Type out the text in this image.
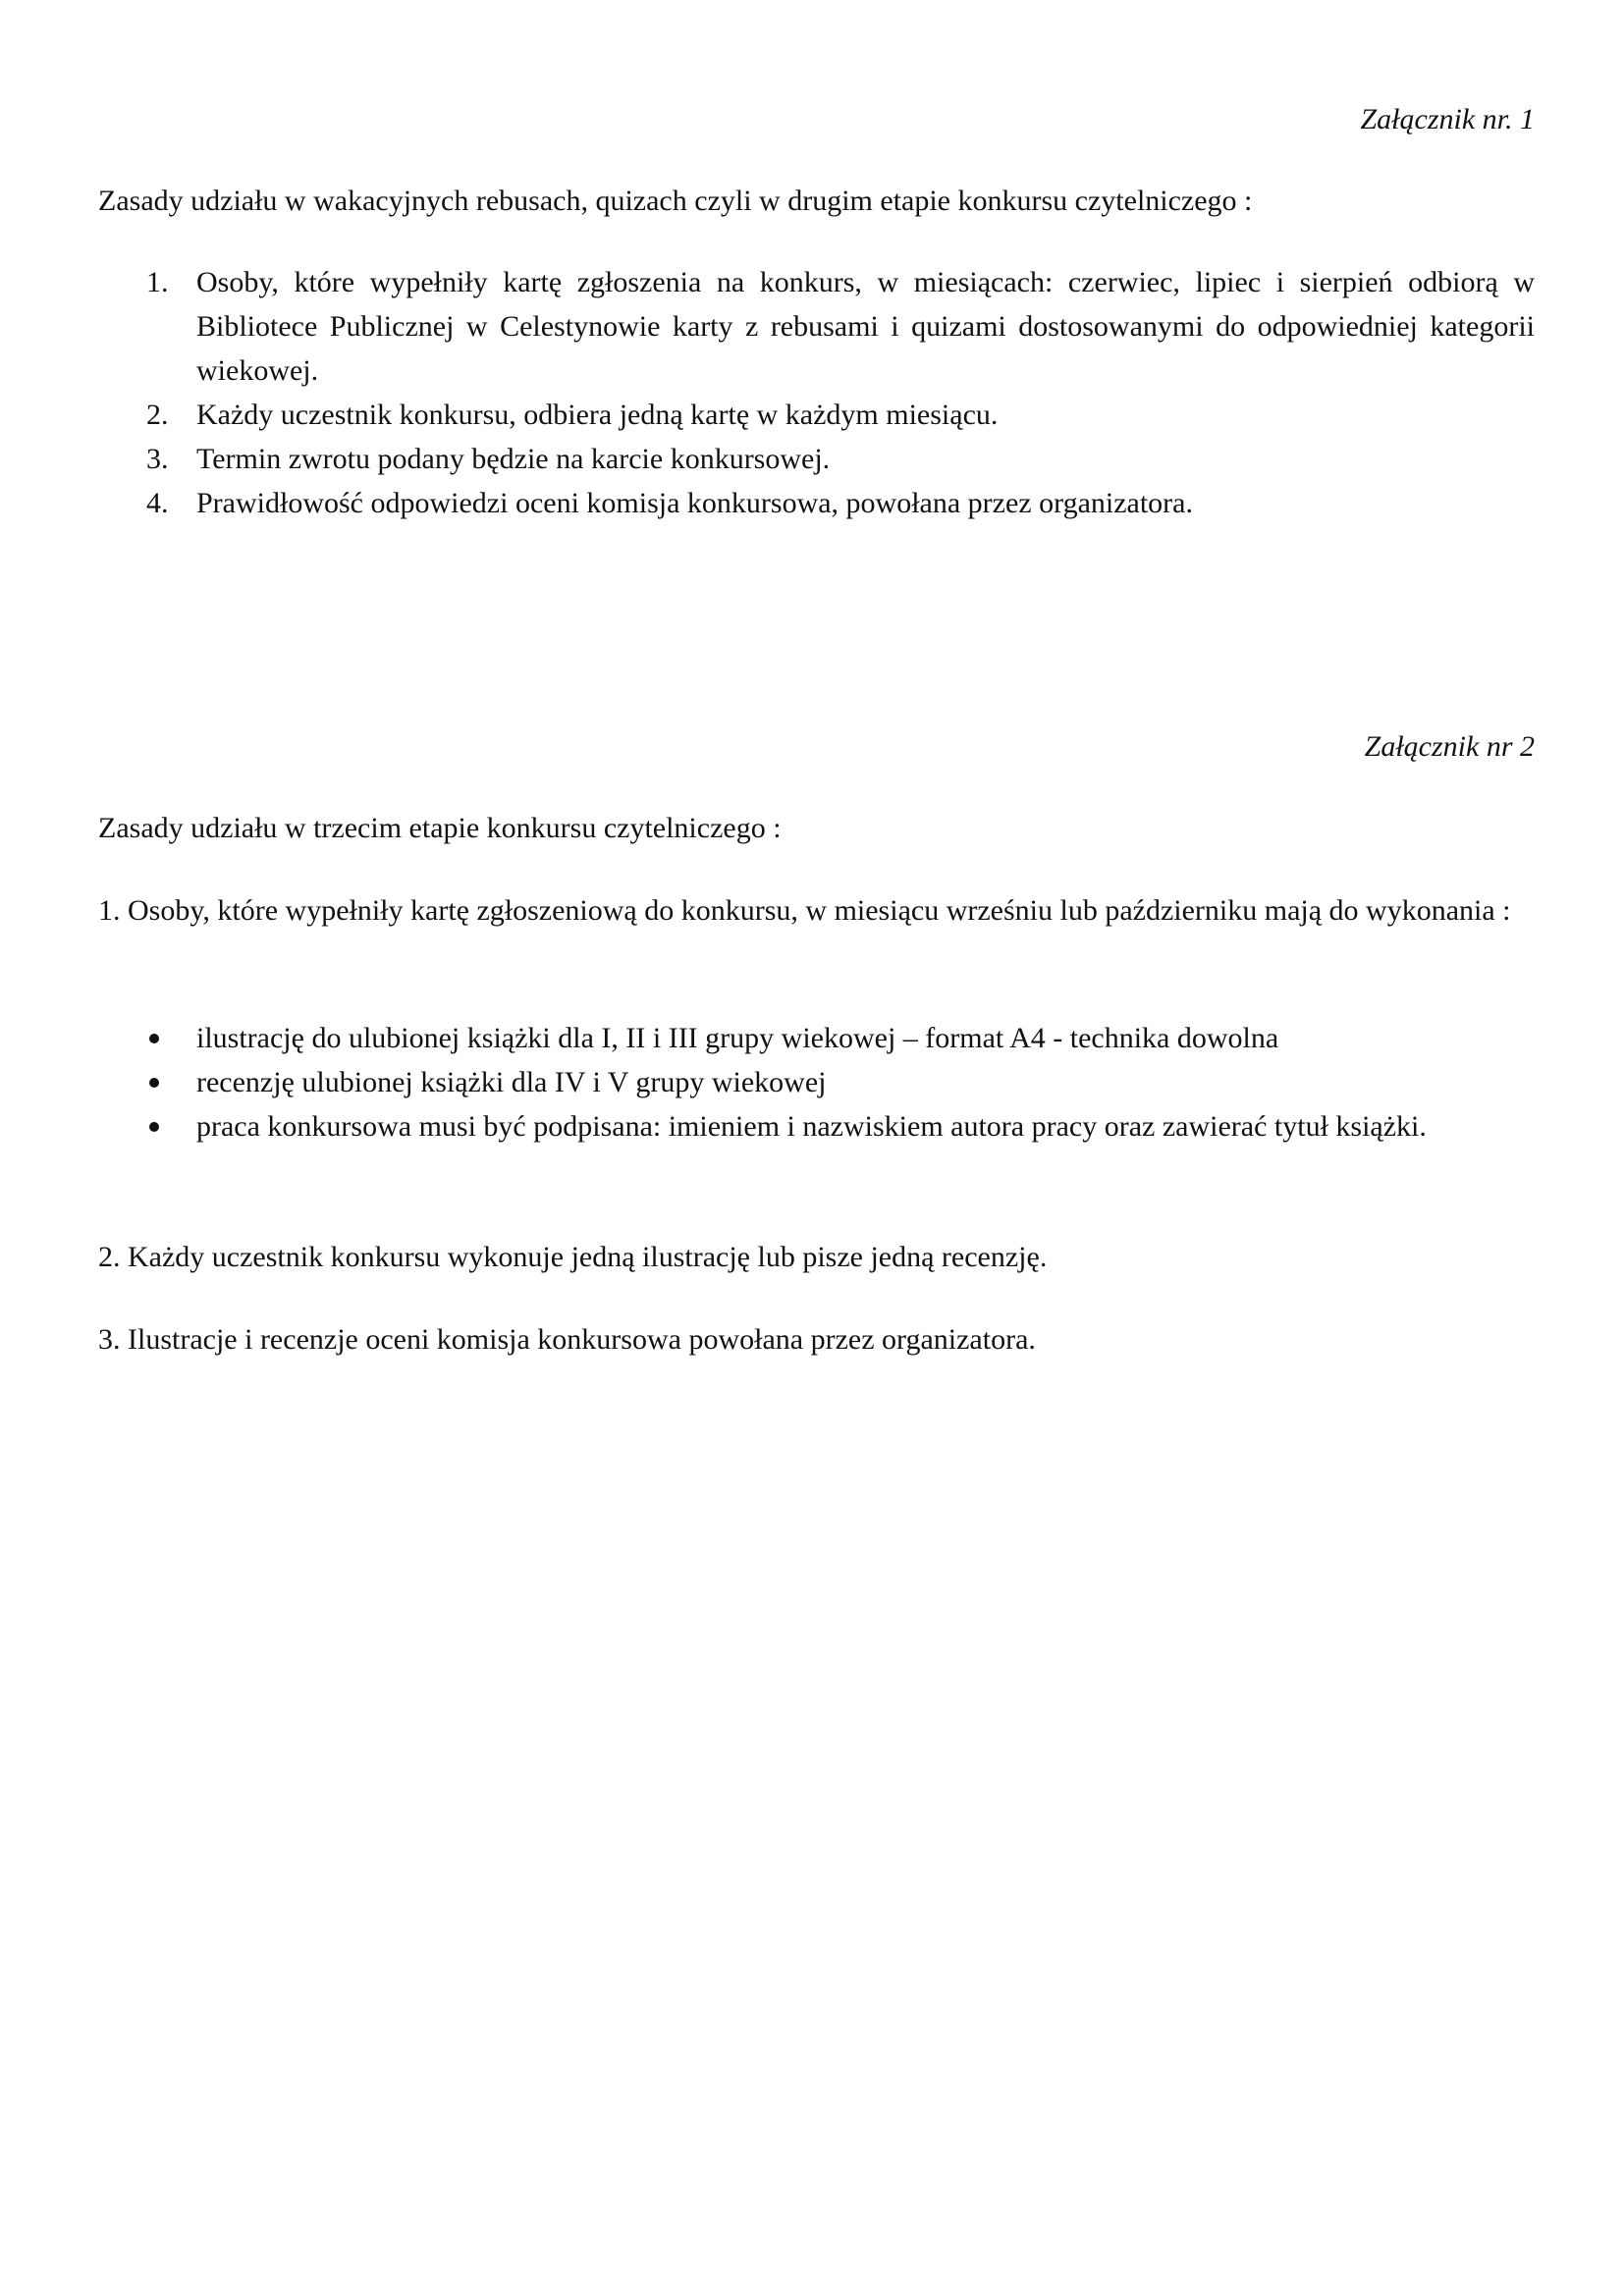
Załącznik nr. 1
Zasady udziału w wakacyjnych rebusach, quizach czyli w drugim etapie konkursu czytelniczego :
1. Osoby, które wypełniły kartę zgłoszenia na konkurs, w miesiącach: czerwiec, lipiec i sierpień odbiorą w Bibliotece Publicznej w Celestynowie karty z rebusami i quizami dostosowanymi do odpowiedniej kategorii wiekowej.
2. Każdy uczestnik konkursu, odbiera jedną kartę w każdym miesiącu.
3. Termin zwrotu podany będzie na karcie konkursowej.
4. Prawidłowość odpowiedzi oceni komisja konkursowa, powołana przez organizatora.
Załącznik nr 2
Zasady udziału w trzecim etapie konkursu czytelniczego :
1. Osoby, które wypełniły kartę zgłoszeniową do konkursu, w miesiącu wrześniu lub październiku mają do wykonania :
ilustrację do ulubionej książki dla I, II i III grupy wiekowej – format A4 - technika dowolna
recenzję ulubionej książki dla IV i V grupy wiekowej
praca konkursowa musi być podpisana: imieniem i nazwiskiem autora pracy oraz zawierać tytuł książki.
2. Każdy uczestnik konkursu wykonuje jedną ilustrację lub pisze jedną recenzję.
3. Ilustracje i recenzje oceni komisja konkursowa powołana przez organizatora.
